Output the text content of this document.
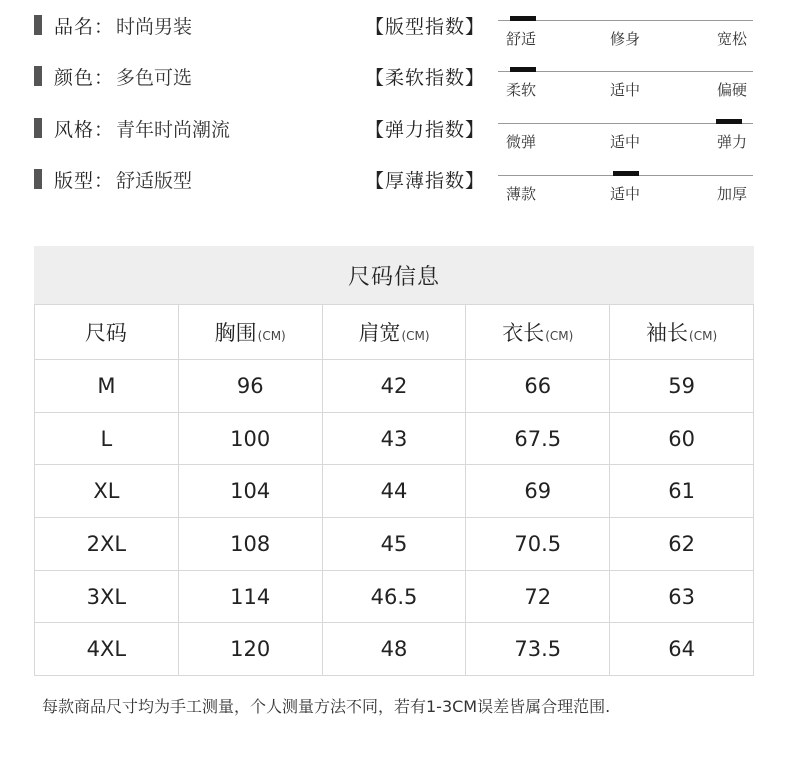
品名： 时尚男装
颜色： 多色可选
风格： 青年时尚潮流
版型： 舒适版型
【版型指数】
【柔软指数】
【弹力指数】
【厚薄指数】
舒适	修身	宽松
柔软	适中	偏硬
微弹	适中	弹力
薄款	适中	加厚
尺码信息
尺码	胸围(CM)	肩宽(CM)	衣长(CM)	袖长(CM)
M	96	42	66	59
L	100	43	67.5	60
XL	104	44	69	61
2XL	108	45	70.5	62
3XL	114	46.5	72	63
4XL	120	48	73.5	64
每款商品尺寸均为手工测量，个人测量方法不同，若有1-3CM误差皆属合理范围.
